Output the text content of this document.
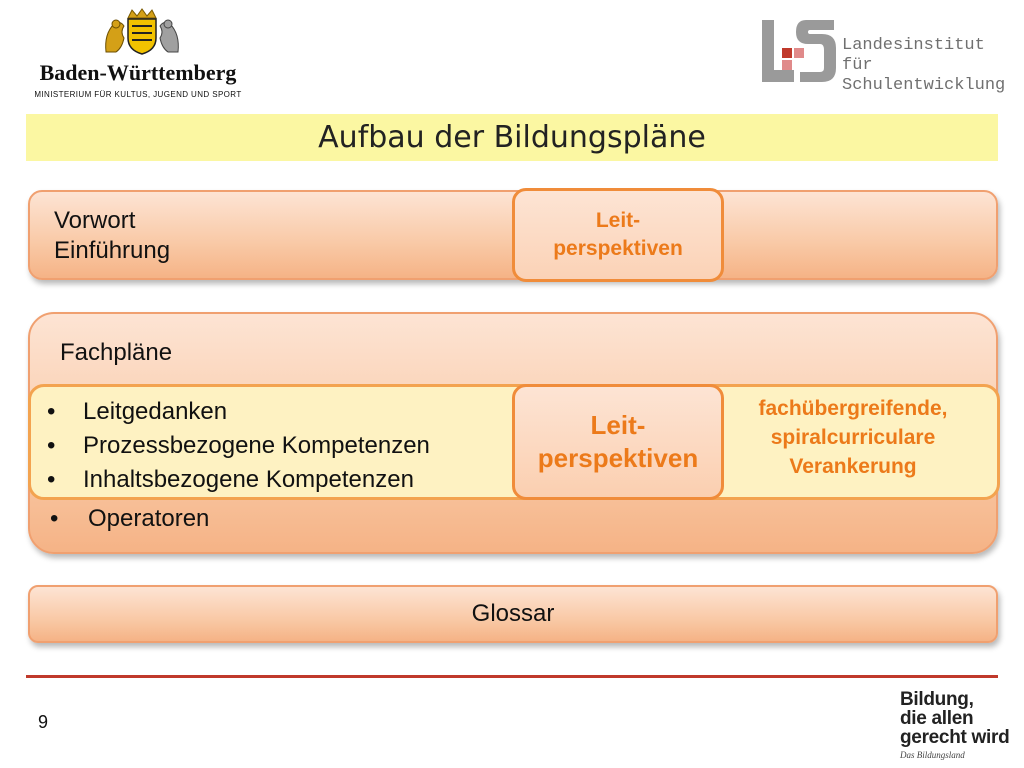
Baden-Württemberg
MINISTERIUM FÜR KULTUS, JUGEND UND SPORT
Landesinstitut
für Schulentwicklung
Aufbau der Bildungspläne
Vorwort
Einführung
Leit-
perspektiven
Fachpläne
• Leitgedanken
• Prozessbezogene Kompetenzen
• Inhaltsbezogene Kompetenzen
• Operatoren
Leit-
perspektiven
fachübergreifende,
spiralcurriculare
Verankerung
Glossar
9
Bildung,
die allen
gerecht wird
Das Bildungsland
